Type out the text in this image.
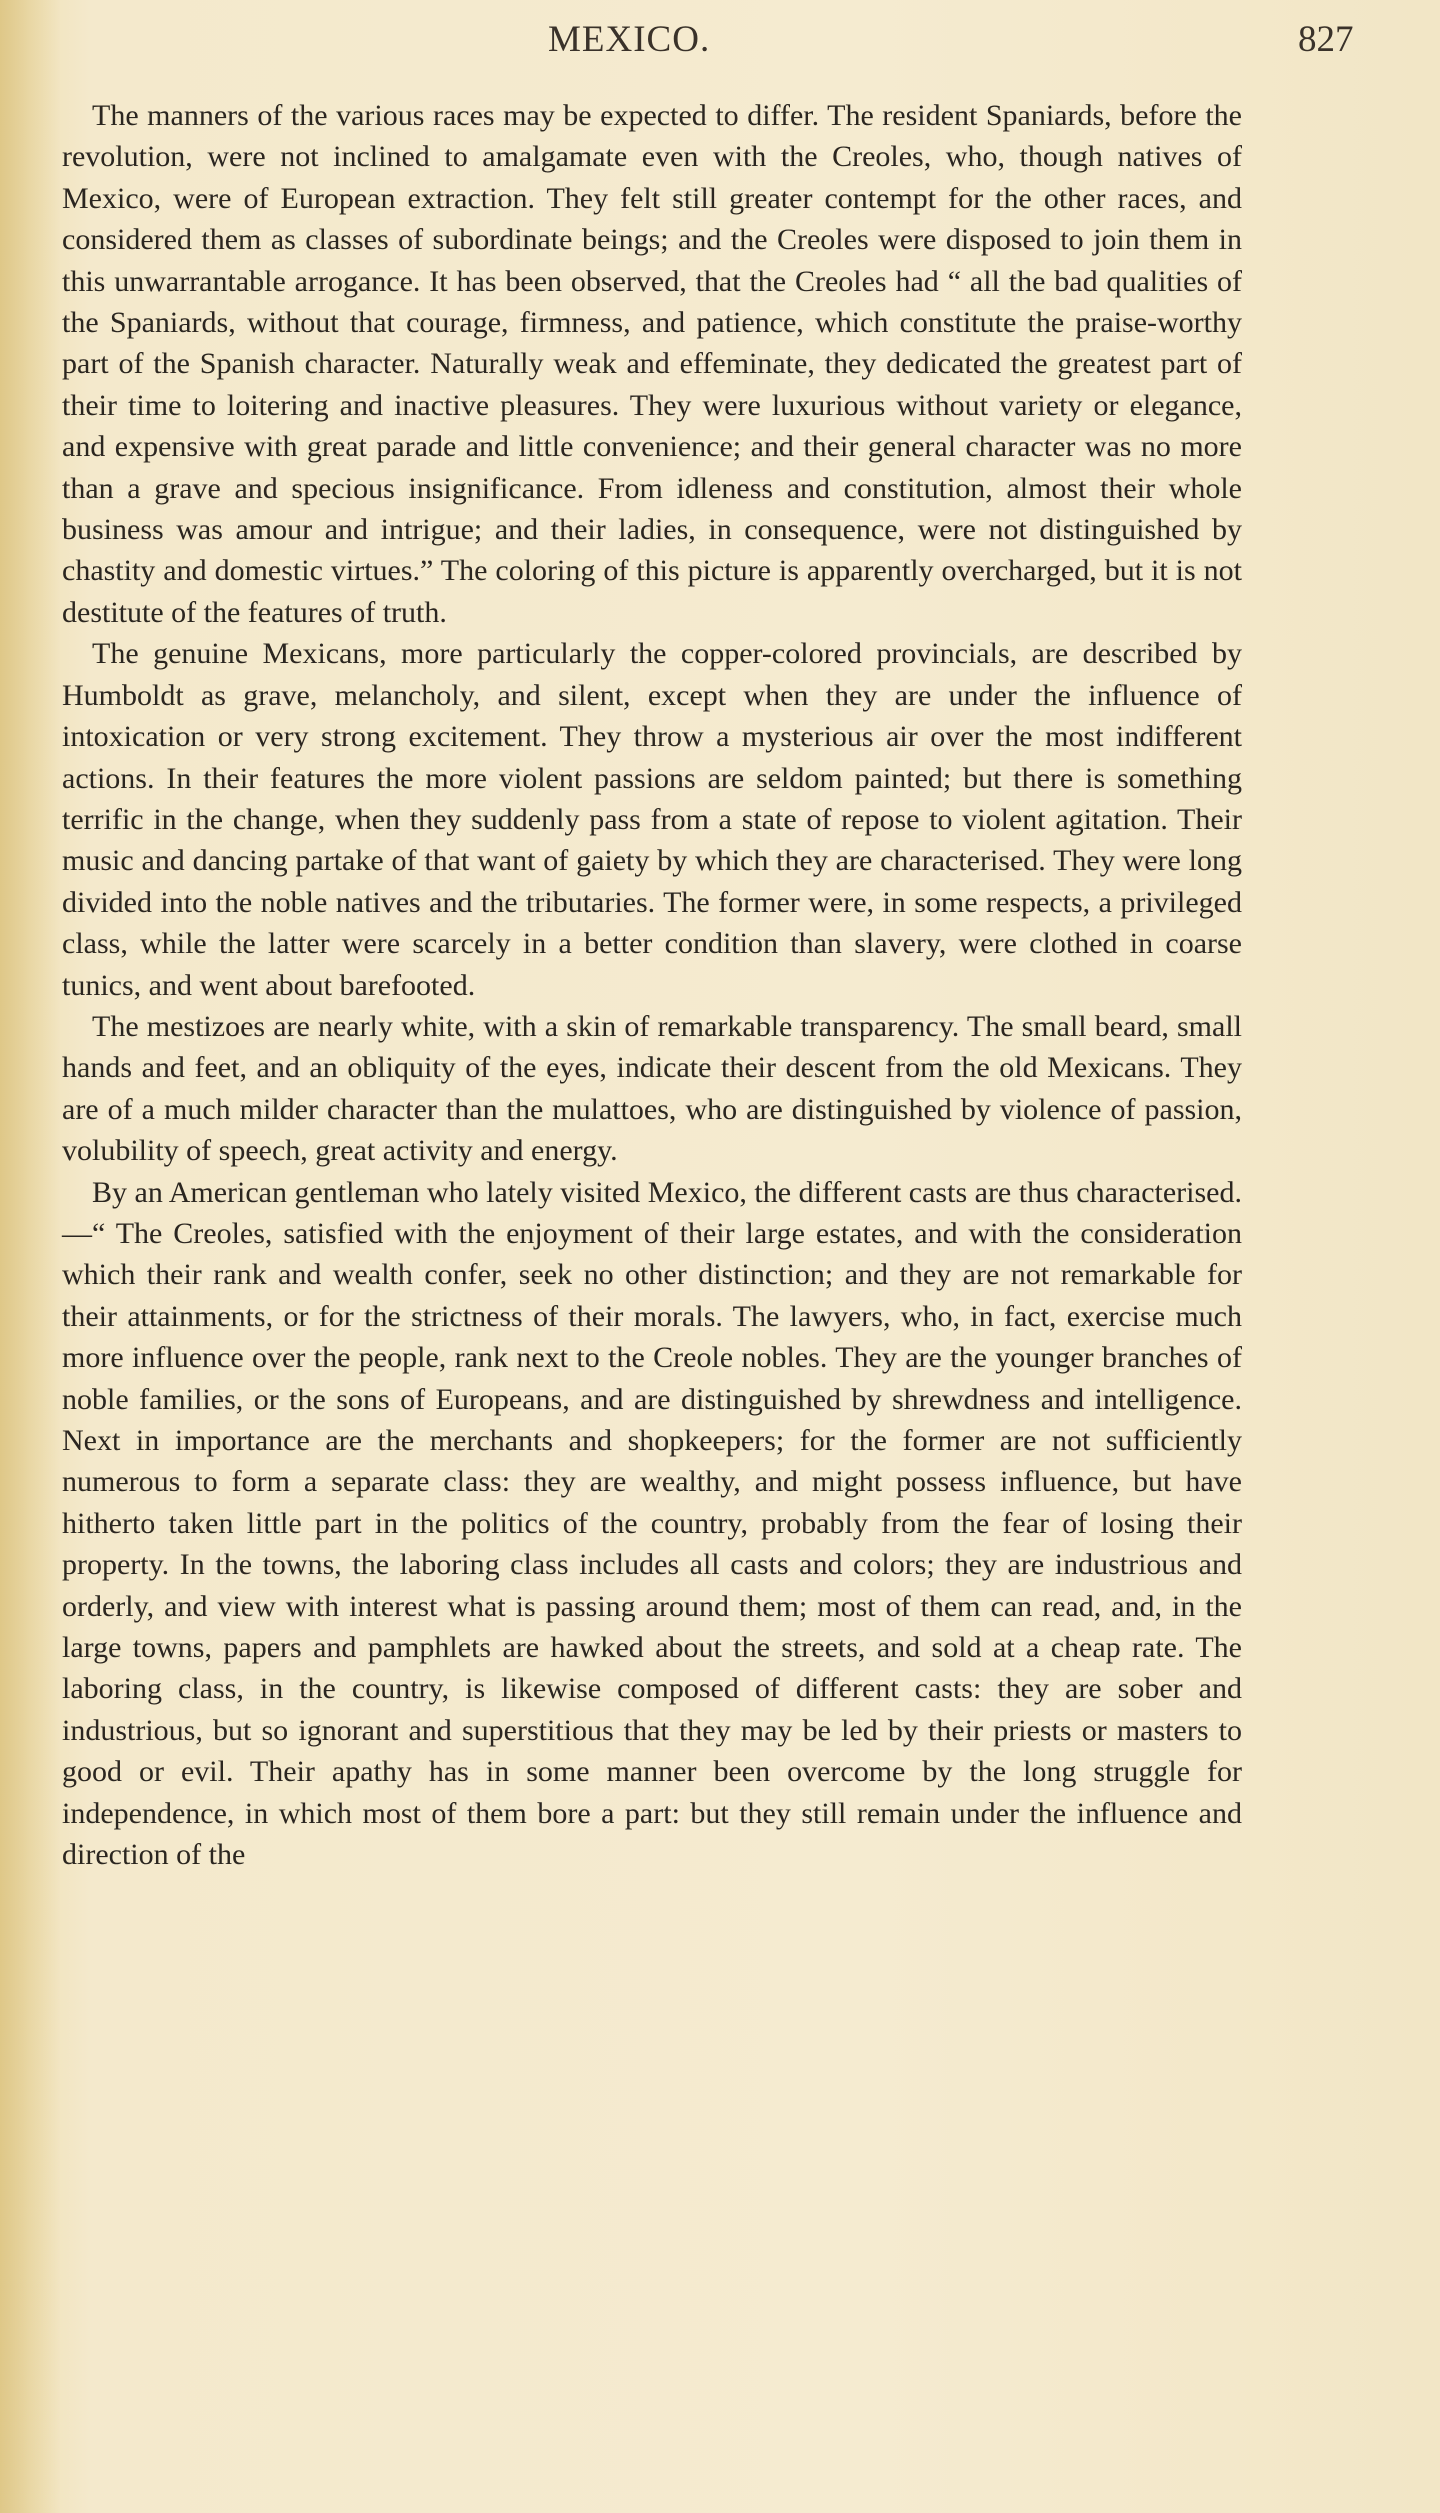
MEXICO.	827

The manners of the various races may be expected to differ. The resident Spaniards, before the revolution, were not inclined to amalgamate even with the Creoles, who, though natives of Mexico, were of European extraction. They felt still greater contempt for the other races, and considered them as classes of subordinate beings; and the Creoles were disposed to join them in this unwarrantable arrogance. It has been observed, that the Creoles had “ all the bad qualities of the Spaniards, without that courage, firmness, and patience, which constitute the praise-worthy part of the Spanish character. Naturally weak and effeminate, they dedicated the greatest part of their time to loitering and inactive pleasures. They were luxurious without variety or elegance, and expensive with great parade and little convenience; and their general character was no more than a grave and specious insignificance. From idleness and constitution, almost their whole business was amour and intrigue; and their ladies, in consequence, were not distinguished by chastity and domestic virtues.” The coloring of this picture is apparently overcharged, but it is not destitute of the features of truth.

The genuine Mexicans, more particularly the copper-colored provincials, are described by Humboldt as grave, melancholy, and silent, except when they are under the influence of intoxication or very strong excitement. They throw a mysterious air over the most indifferent actions. In their features the more violent passions are seldom painted; but there is something terrific in the change, when they suddenly pass from a state of repose to violent agitation. Their music and dancing partake of that want of gaiety by which they are characterised. They were long divided into the noble natives and the tributaries. The former were, in some respects, a privileged class, while the latter were scarcely in a better condition than slavery, were clothed in coarse tunics, and went about barefooted.

The mestizoes are nearly white, with a skin of remarkable transparency. The small beard, small hands and feet, and an obliquity of the eyes, indicate their descent from the old Mexicans. They are of a much milder character than the mulattoes, who are distinguished by violence of passion, volubility of speech, great activity and energy.

By an American gentleman who lately visited Mexico, the different casts are thus characterised.—“ The Creoles, satisfied with the enjoyment of their large estates, and with the consideration which their rank and wealth confer, seek no other distinction; and they are not remarkable for their attainments, or for the strictness of their morals. The lawyers, who, in fact, exercise much more influence over the people, rank next to the Creole nobles. They are the younger branches of noble families, or the sons of Europeans, and are distinguished by shrewdness and intelligence. Next in importance are the merchants and shopkeepers; for the former are not sufficiently numerous to form a separate class: they are wealthy, and might possess influence, but have hitherto taken little part in the politics of the country, probably from the fear of losing their property. In the towns, the laboring class includes all casts and colors; they are industrious and orderly, and view with interest what is passing around them; most of them can read, and, in the large towns, papers and pamphlets are hawked about the streets, and sold at a cheap rate. The laboring class, in the country, is likewise composed of different casts: they are sober and industrious, but so ignorant and superstitious that they may be led by their priests or masters to good or evil. Their apathy has in some manner been overcome by the long struggle for independence, in which most of them bore a part: but they still remain under the influence and direction of the
